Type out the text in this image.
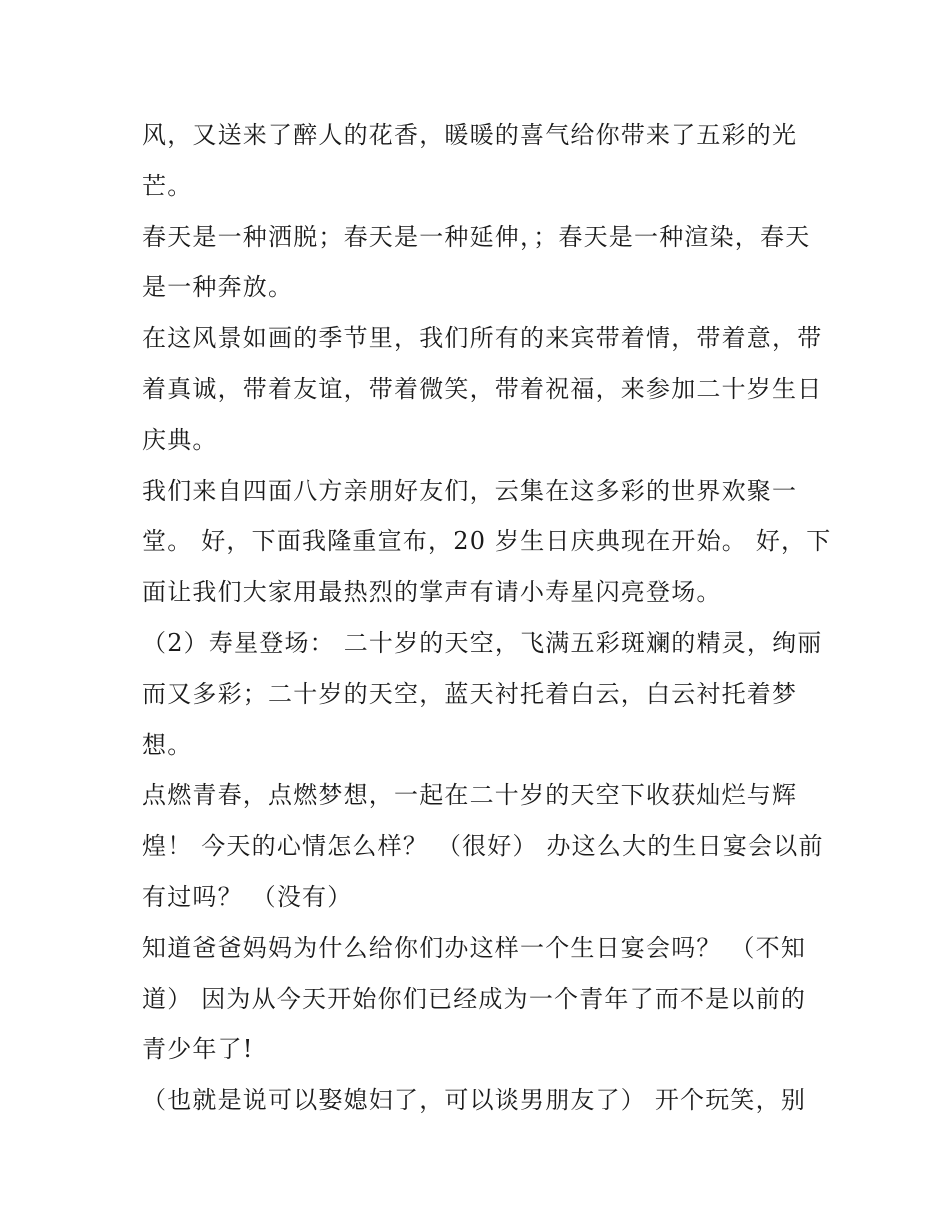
风，又送来了醉人的花香，暖暖的喜气给你带来了五彩的光
芒。
春天是一种洒脱；春天是一种延伸，；春天是一种渲染，春天
是一种奔放。
在这风景如画的季节里，我们所有的来宾带着情，带着意，带
着真诚，带着友谊，带着微笑，带着祝福，来参加二十岁生日
庆典。
我们来自四面八方亲朋好友们，云集在这多彩的世界欢聚一
堂。 好，下面我隆重宣布，20 岁生日庆典现在开始。 好，下
面让我们大家用最热烈的掌声有请小寿星闪亮登场。
（2）寿星登场： 二十岁的天空，飞满五彩斑斓的精灵，绚丽
而又多彩；二十岁的天空，蓝天衬托着白云，白云衬托着梦
想。
点燃青春，点燃梦想，一起在二十岁的天空下收获灿烂与辉
煌！ 今天的心情怎么样？ （很好） 办这么大的生日宴会以前
有过吗？ （没有）
知道爸爸妈妈为什么给你们办这样一个生日宴会吗？ （不知
道） 因为从今天开始你们已经成为一个青年了而不是以前的
青少年了!
（也就是说可以娶媳妇了，可以谈男朋友了） 开个玩笑，别
